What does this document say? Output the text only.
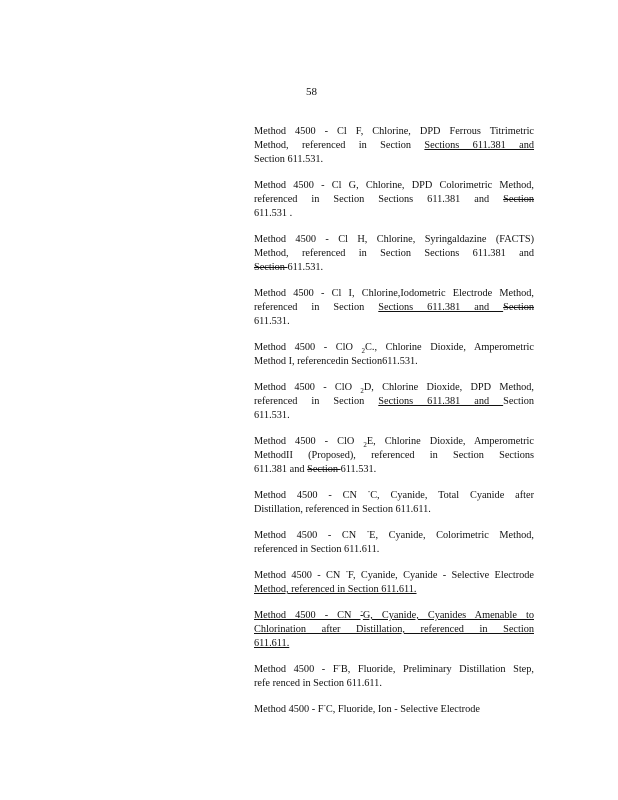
58
Method 4500 - Cl F, Chlorine, DPD Ferrous Titrimetric
Method, referenced in Section Sections 611.381 and
Section 611.531.
Method 4500 - Cl G, Chlorine, DPD Colorimetric Method,
referenced in Section Sections 611.381 and Section
611.531 .
Method 4500 - Cl H, Chlorine, Syringaldazine (FACTS)
Method, referenced in Section Sections 611.381 and
Section 611.531.
Method 4500 - Cl I, Chlorine,Iodometric Electrode Method,
referenced in Section Sections 611.381 and Section
611.531.
Method 4500 - ClO $_2$C., Chlorine Dioxide, Amperometric
Method I, referencedin Section611.531.
Method 4500 - ClO $_2$D, Chlorine Dioxide, DPD Method,
referenced in Section Sections 611.381 and Section
611.531.
Method 4500 - ClO $_2$E, Chlorine Dioxide, Amperometric
MethodII (Proposed), referenced in Section Sections
611.381 and Section 611.531.
Method 4500 - CN -C, Cyanide, Total Cyanide after
Distillation, referenced in Section 611.611.
Method 4500 - CN -E, Cyanide, Colorimetric Method,
referenced in Section 611.611.
Method 4500 - CN -F, Cyanide, Cyanide - Selective Electrode
Method, referenced in Section 611.611.
Method 4500 - CN -G, Cyanide, Cyanides Amenable to
Chlorination after Distillation, referenced in Section
611.611.
Method 4500 - F-B, Fluoride, Preliminary Distillation Step,
refe renced in Section 611.611.
Method 4500 - F-C, Fluoride, Ion - Selective Electrode
